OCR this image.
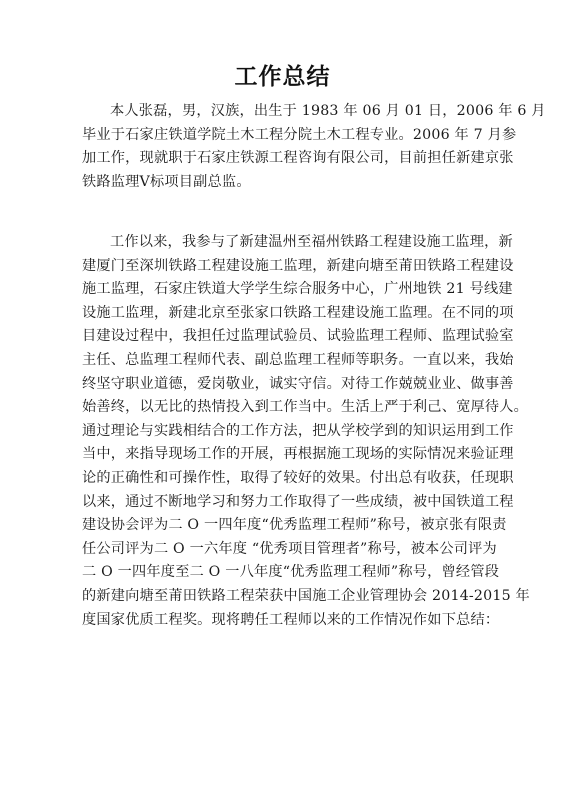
工作总结
本人张磊，男，汉族，出生于 1983 年 06 月 01 日，2006 年 6 月
毕业于石家庄铁道学院土木工程分院土木工程专业。2006 年 7 月参
加工作，现就职于石家庄铁源工程咨询有限公司，目前担任新建京张
铁路监理Ⅴ标项目副总监。
工作以来，我参与了新建温州至福州铁路工程建设施工监理，新
建厦门至深圳铁路工程建设施工监理，新建向塘至莆田铁路工程建设
施工监理，石家庄铁道大学学生综合服务中心，广州地铁 21 号线建
设施工监理，新建北京至张家口铁路工程建设施工监理。在不同的项
目建设过程中，我担任过监理试验员、试验监理工程师、监理试验室
主任、总监理工程师代表、副总监理工程师等职务。一直以来，我始
终坚守职业道德，爱岗敬业，诚实守信。对待工作兢兢业业、做事善
始善终，以无比的热情投入到工作当中。生活上严于利己、宽厚待人。
通过理论与实践相结合的工作方法，把从学校学到的知识运用到工作
当中，来指导现场工作的开展，再根据施工现场的实际情况来验证理
论的正确性和可操作性，取得了较好的效果。付出总有收获，任现职
以来，通过不断地学习和努力工作取得了一些成绩，被中国铁道工程
建设协会评为二 O 一四年度“优秀监理工程师”称号，被京张有限责
任公司评为二 O 一六年度 “优秀项目管理者”称号，被本公司评为
二 O 一四年度至二 O 一八年度“优秀监理工程师”称号，曾经管段
的新建向塘至莆田铁路工程荣获中国施工企业管理协会 2014-2015 年
度国家优质工程奖。现将聘任工程师以来的工作情况作如下总结：
